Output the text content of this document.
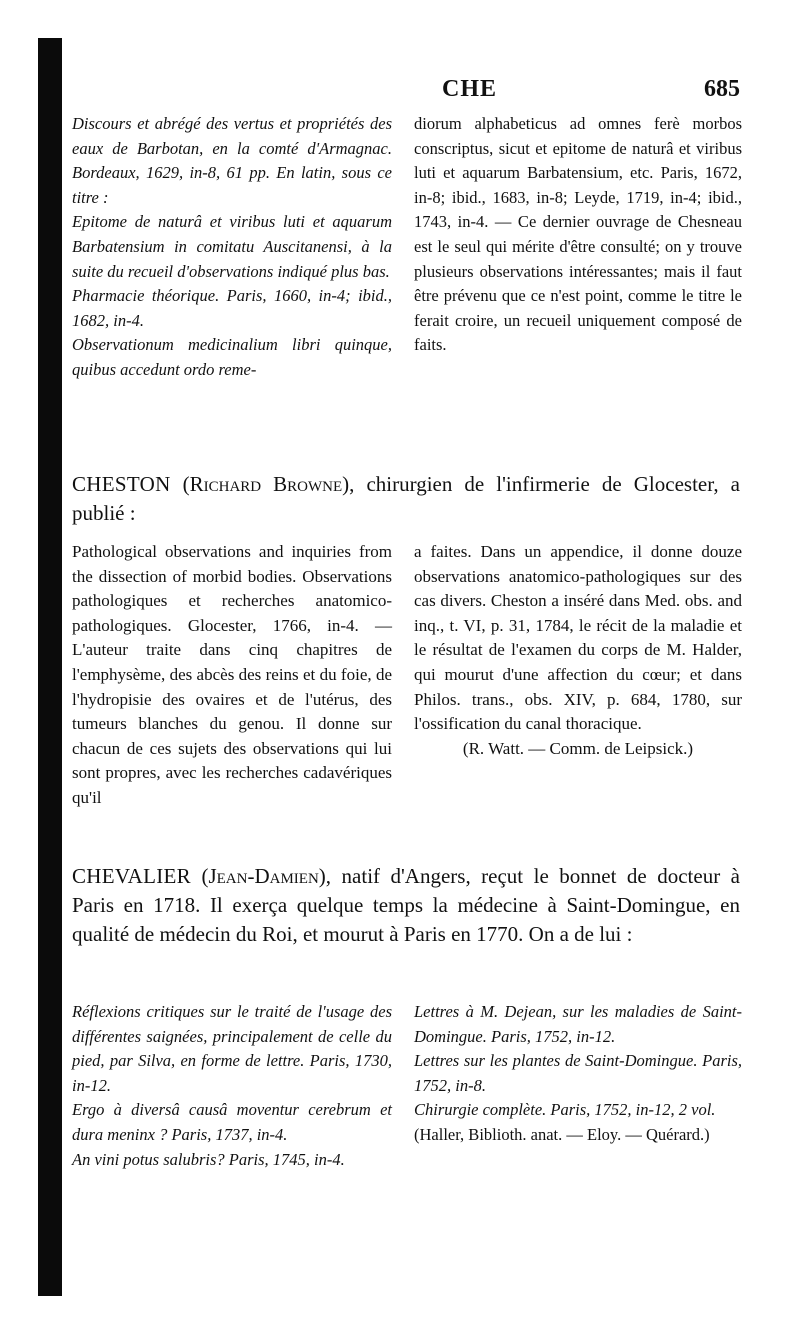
CHE	685

Discours et abrégé des vertus et propriétés des eaux de Barbotan, en la comté d'Armagnac. Bordeaux, 1629, in-8, 61 pp. En latin, sous ce titre :

Epitome de naturâ et viribus luti et aquarum Barbatensium in comitatu Auscitanensi, à la suite du recueil d'observations indiqué plus bas.

Pharmacie théorique. Paris, 1660, in-4; ibid., 1682, in-4.

Observationum medicinalium libri quinque, quibus accedunt ordo reme-

diorum alphabeticus ad omnes ferè morbos conscriptus, sicut et epitome de naturâ et viribus luti et aquarum Barbatensium, etc. Paris, 1672, in-8; ibid., 1683, in-8; Leyde, 1719, in-4; ibid., 1743, in-4. — Ce dernier ouvrage de Chesneau est le seul qui mérite d'être consulté; on y trouve plusieurs observations intéressantes; mais il faut être prévenu que ce n'est point, comme le titre le ferait croire, un recueil uniquement composé de faits.

CHESTON (Richard Browne), chirurgien de l'infirmerie de Glocester, a publié :

Pathological observations and inquiries from the dissection of morbid bodies. Observations pathologiques et recherches anatomico-pathologiques. Glocester, 1766, in-4. — L'auteur traite dans cinq chapitres de l'emphysème, des abcès des reins et du foie, de l'hydropisie des ovaires et de l'utérus, des tumeurs blanches du genou. Il donne sur chacun de ces sujets des observations qui lui sont propres, avec les recherches cadavériques qu'il

a faites. Dans un appendice, il donne douze observations anatomico-pathologiques sur des cas divers. Cheston a inséré dans Med. obs. and inq., t. VI, p. 31, 1784, le récit de la maladie et le résultat de l'examen du corps de M. Halder, qui mourut d'une affection du cœur; et dans Philos. trans., obs. XIV, p. 684, 1780, sur l'ossification du canal thoracique.

(R. Watt. — Comm. de Leipsick.)

CHEVALIER (Jean-Damien), natif d'Angers, reçut le bonnet de docteur à Paris en 1718. Il exerça quelque temps la médecine à Saint-Domingue, en qualité de médecin du Roi, et mourut à Paris en 1770. On a de lui :

Réflexions critiques sur le traité de l'usage des différentes saignées, principalement de celle du pied, par Silva, en forme de lettre. Paris, 1730, in-12.

Ergo à diversâ causâ moventur cerebrum et dura meninx ? Paris, 1737, in-4.

An vini potus salubris? Paris, 1745, in-4.

Lettres à M. Dejean, sur les maladies de Saint-Domingue. Paris, 1752, in-12.

Lettres sur les plantes de Saint-Domingue. Paris, 1752, in-8.

Chirurgie complète. Paris, 1752, in-12, 2 vol.

(Haller, Biblioth. anat. — Eloy. — Quérard.)
